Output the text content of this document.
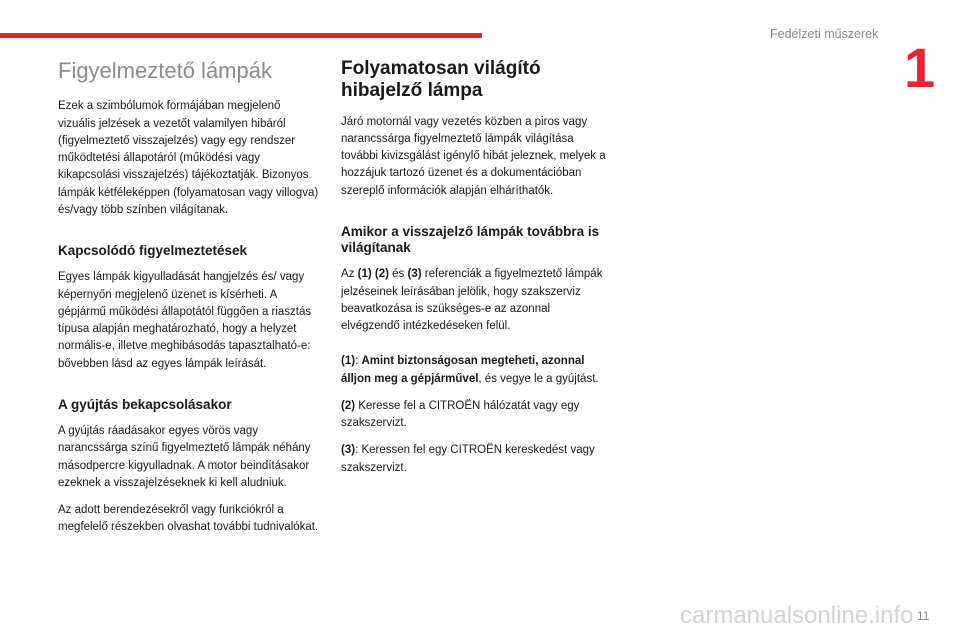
Fedélzeti műszerek
1
Figyelmeztető lámpák

Ezek a szimbólumok formájában megjelenő vizuális jelzések a vezetőt valamilyen hibáról (figyelmeztető visszajelzés) vagy egy rendszer működtetési állapotáról (működési vagy kikapcsolási visszajelzés) tájékoztatják. Bizonyos lámpák kétféleképpen (folyamatosan vagy villogva) és/vagy több színben világítanak.

Kapcsolódó figyelmeztetések

Egyes lámpák kigyulladását hangjelzés és/ vagy képernyőn megjelenő üzenet is kísérheti. A gépjármű működési állapotától függően a riasztás típusa alapján meghatározható, hogy a helyzet normális-e, illetve meghibásodás tapasztalható-e: bővebben lásd az egyes lámpák leírását.

A gyújtás bekapcsolásakor

A gyújtás ráadásakor egyes vörös vagy narancssárga színű figyelmeztető lámpák néhány másodpercre kigyulladnak. A motor beindításakor ezeknek a visszajelzéseknek ki kell aludniuk.

Az adott berendezésekről vagy funkciókról a megfelelő részekben olvashat további tudnivalókat.

Folyamatosan világító hibajelző lámpa

Járó motornál vagy vezetés közben a piros vagy narancssárga figyelmeztető lámpák világítása további kivizsgálást igénylő hibát jeleznek, melyek a hozzájuk tartozó üzenet és a dokumentációban szereplő információk alapján elháríthatók.

Amikor a visszajelző lámpák továbbra is világítanak

Az (1) (2) és (3) referenciák a figyelmeztető lámpák jelzéseinek leírásában jelölik, hogy szakszerviz beavatkozása is szükséges-e az azonnal elvégzendő intézkedéseken felül.

(1): Amint biztonságosan megteheti, azonnal álljon meg a gépjárművel, és vegye le a gyújtást.

(2) Keresse fel a CITROËN hálózatát vagy egy szakszervizt.

(3): Keressen fel egy CITROËN kereskedést vagy szakszervizt.

carmanualsonline.info 11
